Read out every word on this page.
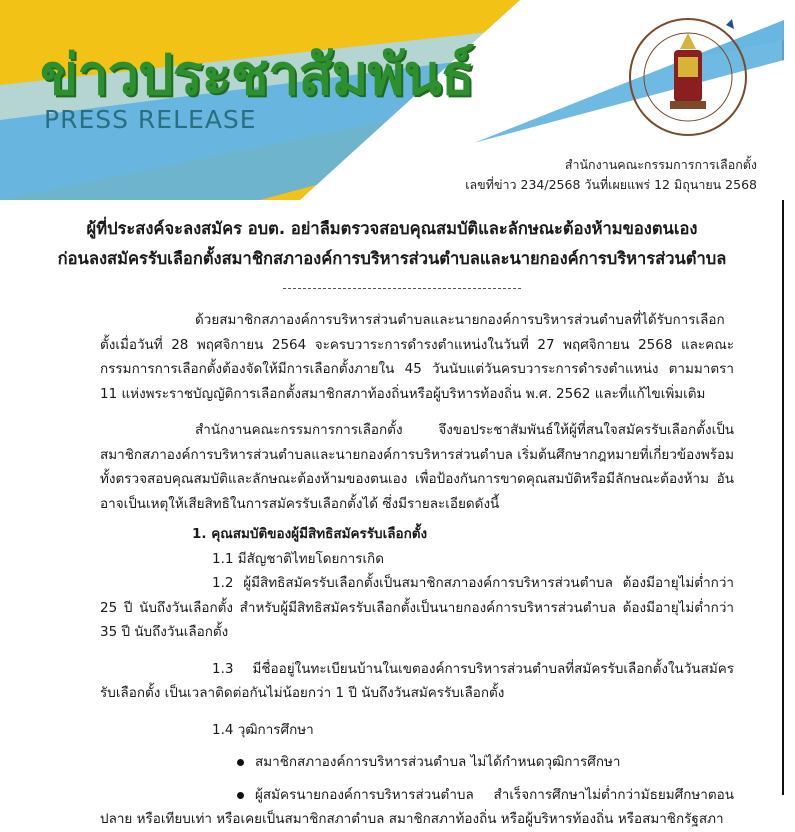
ข่าวประชาสัมพันธ์
PRESS RELEASE
สำนักงานคณะกรรมการการเลือกตั้ง
เลขที่ข่าว 234/2568 วันที่เผยแพร่ 12 มิถุนายน 2568
ผู้ที่ประสงค์จะลงสมัคร อบต. อย่าลืมตรวจสอบคุณสมบัติและลักษณะต้องห้ามของตนเอง
ก่อนลงสมัครรับเลือกตั้งสมาชิกสภาองค์การบริหารส่วนตำบลและนายกองค์การบริหารส่วนตำบล

ด้วยสมาชิกสภาองค์การบริหารส่วนตำบลและนายกองค์การบริหารส่วนตำบลที่ได้รับการเลือกตั้งเมื่อวันที่ 28 พฤศจิกายน 2564 จะครบวาระการดำรงตำแหน่งในวันที่ 27 พฤศจิกายน 2568 และคณะกรรมการการเลือกตั้งต้องจัดให้มีการเลือกตั้งภายใน 45 วันนับแต่วันครบวาระการดำรงตำแหน่ง ตามมาตรา 11 แห่งพระราชบัญญัติการเลือกตั้งสมาชิกสภาท้องถิ่นหรือผู้บริหารท้องถิ่น พ.ศ. 2562 และที่แก้ไขเพิ่มเติม

สำนักงานคณะกรรมการการเลือกตั้ง จึงขอประชาสัมพันธ์ให้ผู้ที่สนใจสมัครรับเลือกตั้งเป็นสมาชิกสภาองค์การบริหารส่วนตำบลและนายกองค์การบริหารส่วนตำบล เริ่มต้นศึกษากฎหมายที่เกี่ยวข้องพร้อมทั้งตรวจสอบคุณสมบัติและลักษณะต้องห้ามของตนเอง เพื่อป้องกันการขาดคุณสมบัติหรือมีลักษณะต้องห้าม อันอาจเป็นเหตุให้เสียสิทธิในการสมัครรับเลือกตั้งได้ ซึ่งมีรายละเอียดดังนี้

1. คุณสมบัติของผู้มีสิทธิสมัครรับเลือกตั้ง

1.1 มีสัญชาติไทยโดยการเกิด

1.2 ผู้มีสิทธิสมัครรับเลือกตั้งเป็นสมาชิกสภาองค์การบริหารส่วนตำบล ต้องมีอายุไม่ต่ำกว่า 25 ปี นับถึงวันเลือกตั้ง สำหรับผู้มีสิทธิสมัครรับเลือกตั้งเป็นนายกองค์การบริหารส่วนตำบล ต้องมีอายุไม่ต่ำกว่า 35 ปี นับถึงวันเลือกตั้ง

1.3 มีชื่ออยู่ในทะเบียนบ้านในเขตองค์การบริหารส่วนตำบลที่สมัครรับเลือกตั้งในวันสมัครรับเลือกตั้ง เป็นเวลาติดต่อกันไม่น้อยกว่า 1 ปี นับถึงวันสมัครรับเลือกตั้ง

1.4 วุฒิการศึกษา

สมาชิกสภาองค์การบริหารส่วนตำบล ไม่ได้กำหนดวุฒิการศึกษา

ผู้สมัครนายกองค์การบริหารส่วนตำบล สำเร็จการศึกษาไม่ต่ำกว่ามัธยมศึกษาตอนปลาย หรือเทียบเท่า หรือเคยเป็นสมาชิกสภาตำบล สมาชิกสภาท้องถิ่น หรือผู้บริหารท้องถิ่น หรือสมาชิกรัฐสภา
